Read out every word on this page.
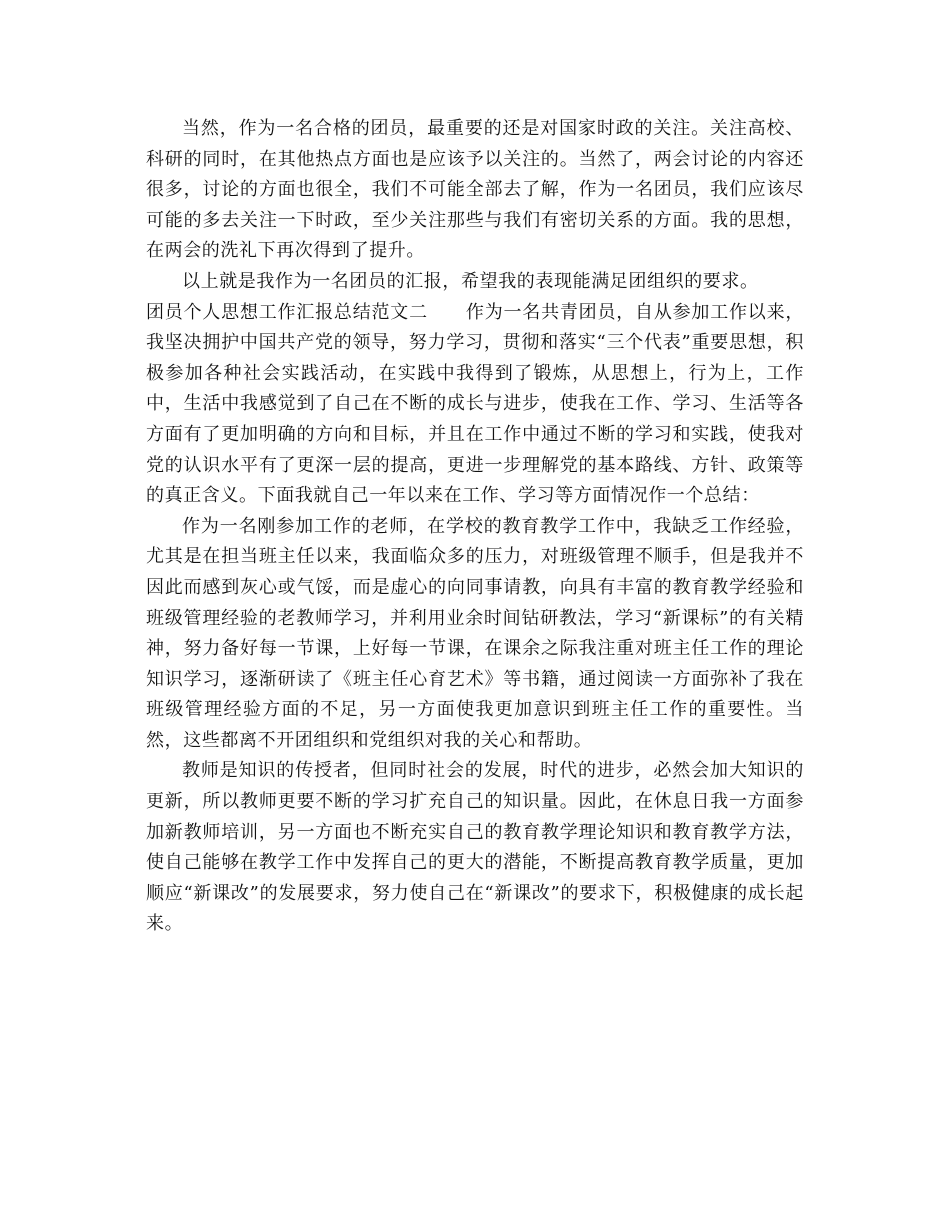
当然，作为一名合格的团员，最重要的还是对国家时政的关注。关注高校、科研的同时，在其他热点方面也是应该予以关注的。当然了，两会讨论的内容还很多，讨论的方面也很全，我们不可能全部去了解，作为一名团员，我们应该尽可能的多去关注一下时政，至少关注那些与我们有密切关系的方面。我的思想，在两会的洗礼下再次得到了提升。

以上就是我作为一名团员的汇报，希望我的表现能满足团组织的要求。

团员个人思想工作汇报总结范文二 作为一名共青团员，自从参加工作以来，我坚决拥护中国共产党的领导，努力学习，贯彻和落实“三个代表”重要思想，积极参加各种社会实践活动，在实践中我得到了锻炼，从思想上，行为上，工作中，生活中我感觉到了自己在不断的成长与进步，使我在工作、学习、生活等各方面有了更加明确的方向和目标，并且在工作中通过不断的学习和实践，使我对党的认识水平有了更深一层的提高，更进一步理解党的基本路线、方针、政策等的真正含义。下面我就自己一年以来在工作、学习等方面情况作一个总结：

作为一名刚参加工作的老师，在学校的教育教学工作中，我缺乏工作经验，尤其是在担当班主任以来，我面临众多的压力，对班级管理不顺手，但是我并不因此而感到灰心或气馁，而是虚心的向同事请教，向具有丰富的教育教学经验和班级管理经验的老教师学习，并利用业余时间钻研教法，学习“新课标”的有关精神，努力备好每一节课，上好每一节课，在课余之际我注重对班主任工作的理论知识学习，逐渐研读了《班主任心育艺术》等书籍，通过阅读一方面弥补了我在班级管理经验方面的不足，另一方面使我更加意识到班主任工作的重要性。当然，这些都离不开团组织和党组织对我的关心和帮助。

教师是知识的传授者，但同时社会的发展，时代的进步，必然会加大知识的更新，所以教师更要不断的学习扩充自己的知识量。因此，在休息日我一方面参加新教师培训，另一方面也不断充实自己的教育教学理论知识和教育教学方法，使自己能够在教学工作中发挥自己的更大的潜能，不断提高教育教学质量，更加顺应“新课改”的发展要求，努力使自己在“新课改”的要求下，积极健康的成长起来。
